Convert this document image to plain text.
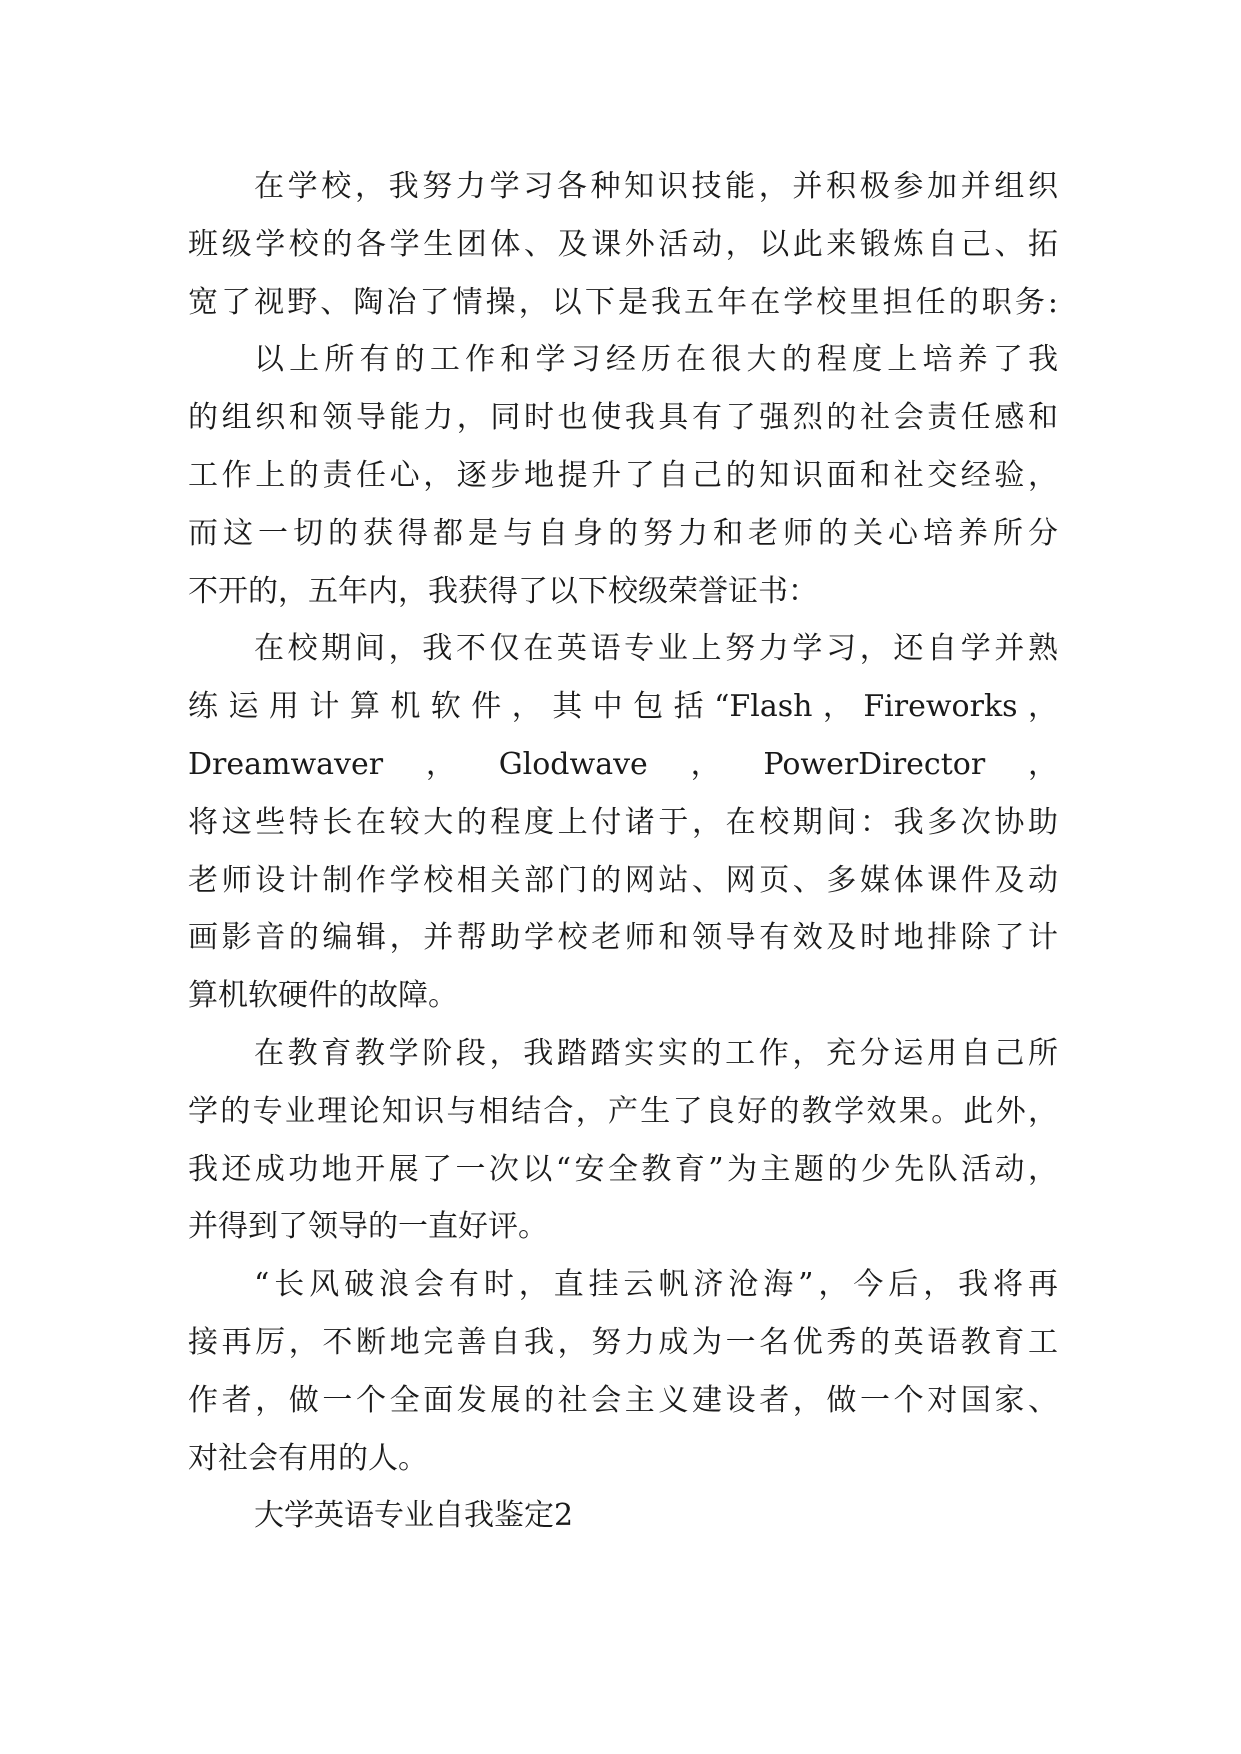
在学校，我努力学习各种知识技能，并积极参加并组织
班级学校的各学生团体、及课外活动，以此来锻炼自己、拓
宽了视野、陶冶了情操，以下是我五年在学校里担任的职务:
以上所有的工作和学习经历在很大的程度上培养了我
的组织和领导能力，同时也使我具有了强烈的社会责任感和
工作上的责任心，逐步地提升了自己的知识面和社交经验，
而这一切的获得都是与自身的努力和老师的关心培养所分
不开的，五年内，我获得了以下校级荣誉证书：
在校期间，我不仅在英语专业上努力学习，还自学并熟
练运用计算机软件，其中包括“Flash，Fireworks，
Dreamwaver，Glodwave，PowerDirector，
将这些特长在较大的程度上付诸于，在校期间：我多次协助
老师设计制作学校相关部门的网站、网页、多媒体课件及动
画影音的编辑，并帮助学校老师和领导有效及时地排除了计
算机软硬件的故障。
在教育教学阶段，我踏踏实实的工作，充分运用自己所
学的专业理论知识与相结合，产生了良好的教学效果。此外，
我还成功地开展了一次以“安全教育”为主题的少先队活动，
并得到了领导的一直好评。
“长风破浪会有时，直挂云帆济沧海”，今后，我将再
接再厉，不断地完善自我，努力成为一名优秀的英语教育工
作者，做一个全面发展的社会主义建设者，做一个对国家、
对社会有用的人。
大学英语专业自我鉴定2
